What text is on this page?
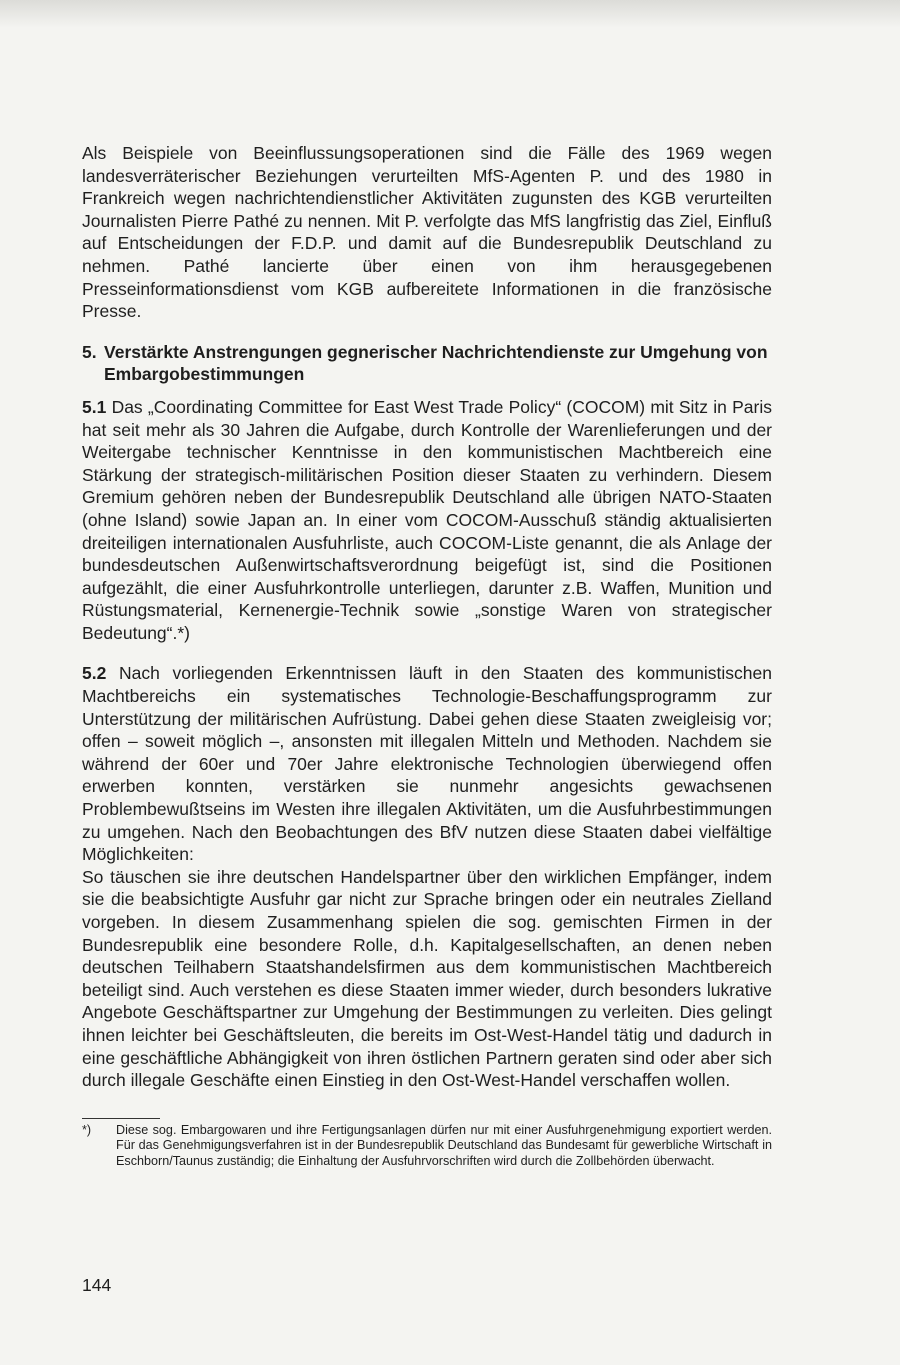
Als Beispiele von Beeinflussungsoperationen sind die Fälle des 1969 wegen landesverräterischer Beziehungen verurteilten MfS-Agenten P. und des 1980 in Frankreich wegen nachrichtendienstlicher Aktivitäten zugunsten des KGB verurteilten Journalisten Pierre Pathé zu nennen. Mit P. verfolgte das MfS langfristig das Ziel, Einfluß auf Entscheidungen der F.D.P. und damit auf die Bundesrepublik Deutschland zu nehmen. Pathé lancierte über einen von ihm herausgegebenen Presseinformationsdienst vom KGB aufbereitete Informationen in die französische Presse.

5. Verstärkte Anstrengungen gegnerischer Nachrichtendienste zur Umgehung von Embargobestimmungen

5.1 Das „Coordinating Committee for East West Trade Policy“ (COCOM) mit Sitz in Paris hat seit mehr als 30 Jahren die Aufgabe, durch Kontrolle der Warenlieferungen und der Weitergabe technischer Kenntnisse in den kommunistischen Machtbereich eine Stärkung der strategisch-militärischen Position dieser Staaten zu verhindern. Diesem Gremium gehören neben der Bundesrepublik Deutschland alle übrigen NATO-Staaten (ohne Island) sowie Japan an. In einer vom COCOM-Ausschuß ständig aktualisierten dreiteiligen internationalen Ausfuhrliste, auch COCOM-Liste genannt, die als Anlage der bundesdeutschen Außenwirtschaftsverordnung beigefügt ist, sind die Positionen aufgezählt, die einer Ausfuhrkontrolle unterliegen, darunter z.B. Waffen, Munition und Rüstungsmaterial, Kernenergie-Technik sowie „sonstige Waren von strategischer Bedeutung“.*)

5.2 Nach vorliegenden Erkenntnissen läuft in den Staaten des kommunistischen Machtbereichs ein systematisches Technologie-Beschaffungsprogramm zur Unterstützung der militärischen Aufrüstung. Dabei gehen diese Staaten zweigleisig vor; offen – soweit möglich –, ansonsten mit illegalen Mitteln und Methoden. Nachdem sie während der 60er und 70er Jahre elektronische Technologien überwiegend offen erwerben konnten, verstärken sie nunmehr angesichts gewachsenen Problembewußtseins im Westen ihre illegalen Aktivitäten, um die Ausfuhrbestimmungen zu umgehen. Nach den Beobachtungen des BfV nutzen diese Staaten dabei vielfältige Möglichkeiten:

So täuschen sie ihre deutschen Handelspartner über den wirklichen Empfänger, indem sie die beabsichtigte Ausfuhr gar nicht zur Sprache bringen oder ein neutrales Zielland vorgeben. In diesem Zusammenhang spielen die sog. gemischten Firmen in der Bundesrepublik eine besondere Rolle, d.h. Kapitalgesellschaften, an denen neben deutschen Teilhabern Staatshandelsfirmen aus dem kommunistischen Machtbereich beteiligt sind. Auch verstehen es diese Staaten immer wieder, durch besonders lukrative Angebote Geschäftspartner zur Umgehung der Bestimmungen zu verleiten. Dies gelingt ihnen leichter bei Geschäftsleuten, die bereits im Ost-West-Handel tätig und dadurch in eine geschäftliche Abhängigkeit von ihren östlichen Partnern geraten sind oder aber sich durch illegale Geschäfte einen Einstieg in den Ost-West-Handel verschaffen wollen.

*)	Diese sog. Embargowaren und ihre Fertigungsanlagen dürfen nur mit einer Ausfuhrgenehmigung exportiert werden. Für das Genehmigungsverfahren ist in der Bundesrepublik Deutschland das Bundesamt für gewerbliche Wirtschaft in Eschborn/Taunus zuständig; die Einhaltung der Ausfuhrvorschriften wird durch die Zollbehörden überwacht.
144
